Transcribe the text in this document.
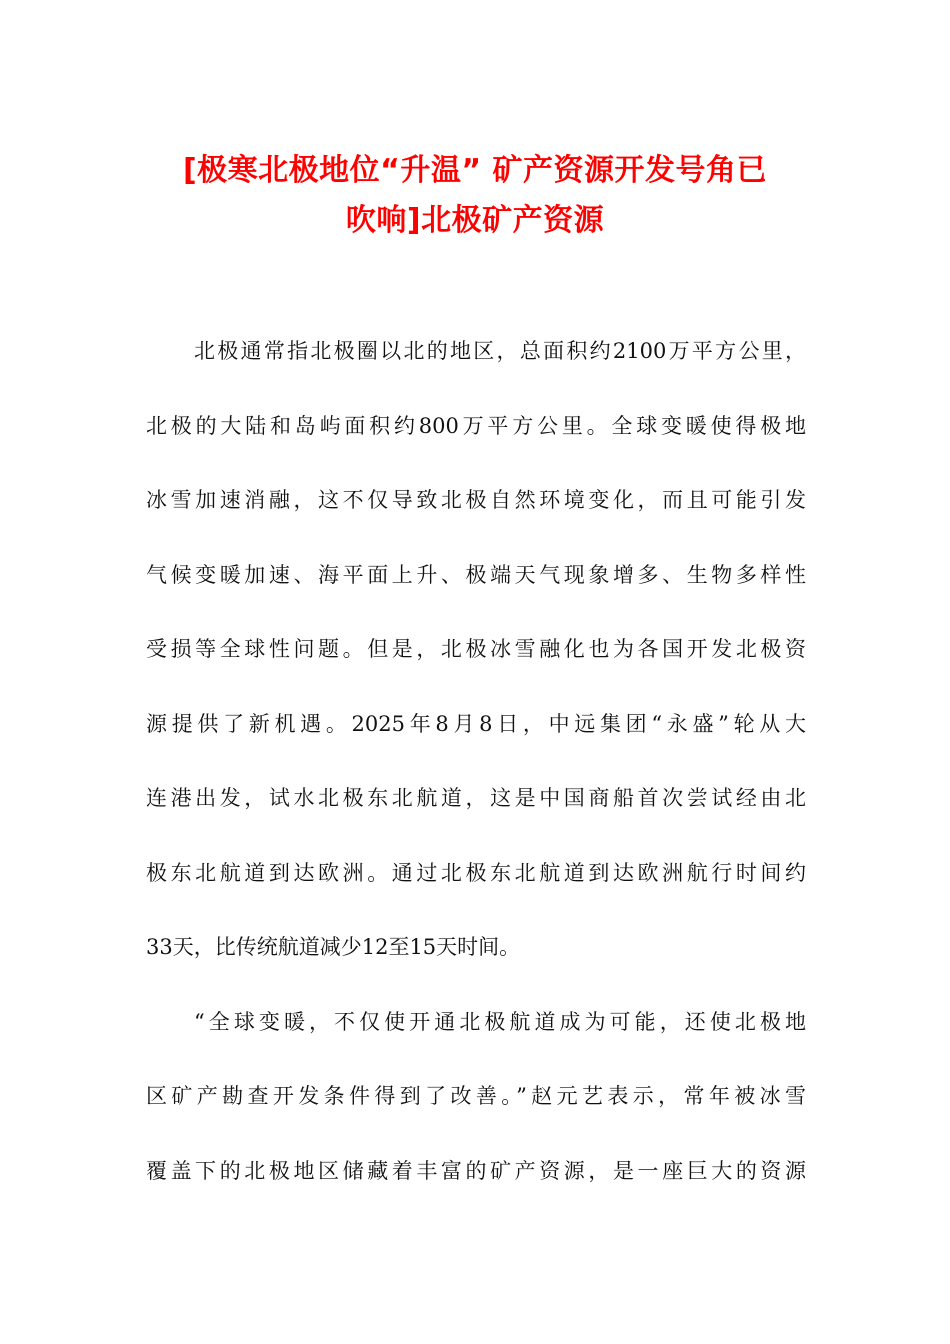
[极寒北极地位“升温” 矿产资源开发号角已
吹响]北极矿产资源
北极通常指北极圈以北的地区，总面积约2100万平方公里，
北极的大陆和岛屿面积约800万平方公里。全球变暖使得极地
冰雪加速消融，这不仅导致北极自然环境变化，而且可能引发
气候变暖加速、海平面上升、极端天气现象增多、生物多样性
受损等全球性问题。但是，北极冰雪融化也为各国开发北极资
源提供了新机遇。2025年8月8日，中远集团“永盛”轮从大
连港出发，试水北极东北航道，这是中国商船首次尝试经由北
极东北航道到达欧洲。通过北极东北航道到达欧洲航行时间约
33天，比传统航道减少12至15天时间。
“全球变暖，不仅使开通北极航道成为可能，还使北极地
区矿产勘查开发条件得到了改善。”赵元艺表示，常年被冰雪
覆盖下的北极地区储藏着丰富的矿产资源，是一座巨大的资源
